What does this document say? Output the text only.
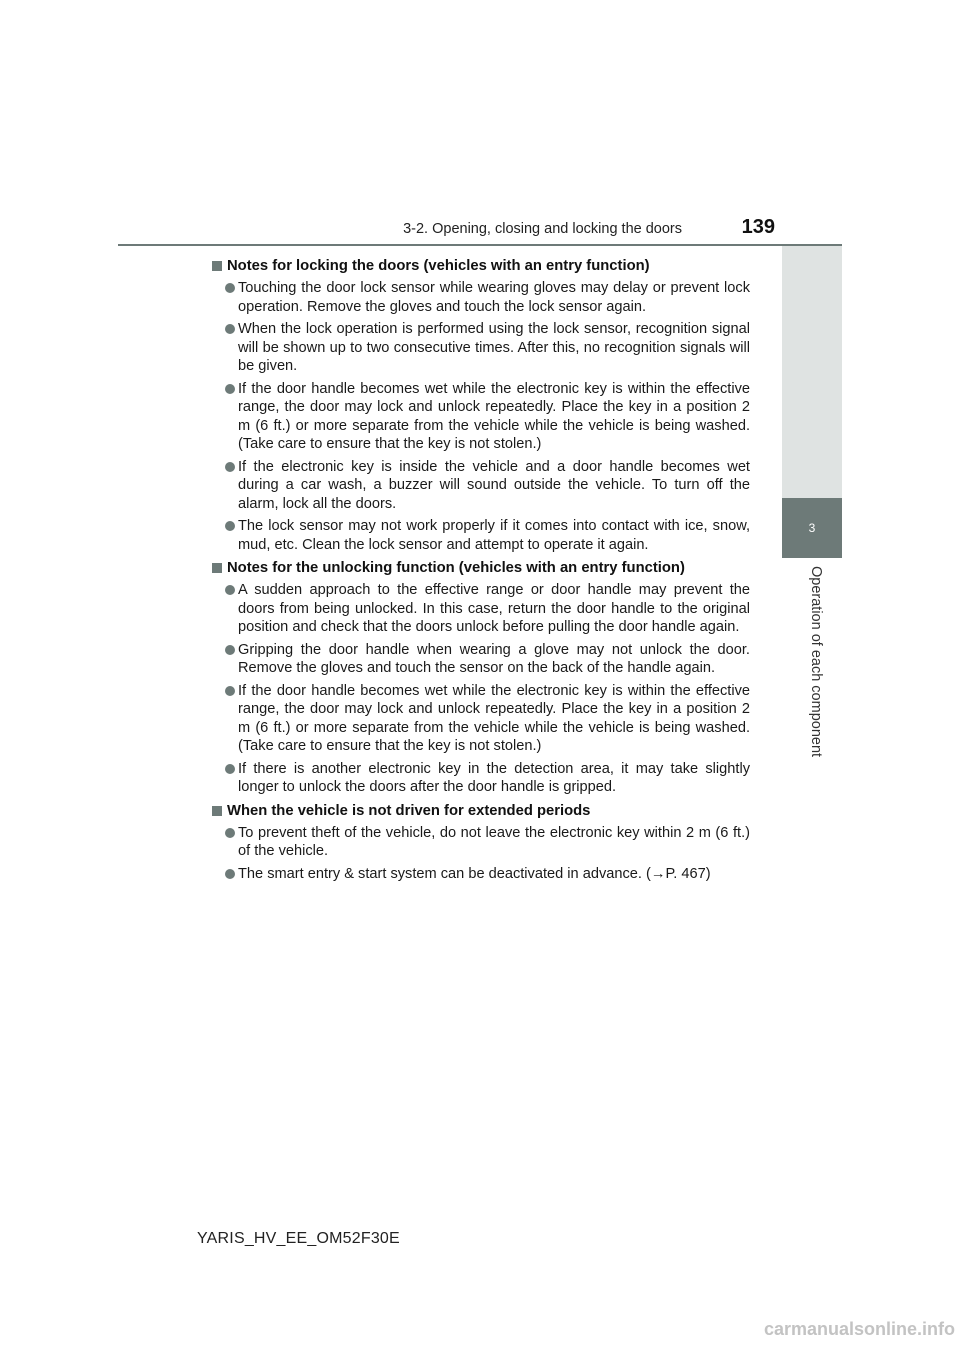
3-2. Opening, closing and locking the doors	139
3
Operation of each component
Notes for locking the doors (vehicles with an entry function)
Touching the door lock sensor while wearing gloves may delay or prevent lock operation. Remove the gloves and touch the lock sensor again.
When the lock operation is performed using the lock sensor, recognition signal will be shown up to two consecutive times. After this, no recognition signals will be given.
If the door handle becomes wet while the electronic key is within the effective range, the door may lock and unlock repeatedly. Place the key in a position 2 m (6 ft.) or more separate from the vehicle while the vehicle is being washed. (Take care to ensure that the key is not stolen.)
If the electronic key is inside the vehicle and a door handle becomes wet during a car wash, a buzzer will sound outside the vehicle. To turn off the alarm, lock all the doors.
The lock sensor may not work properly if it comes into contact with ice, snow, mud, etc. Clean the lock sensor and attempt to operate it again.
Notes for the unlocking function (vehicles with an entry function)
A sudden approach to the effective range or door handle may prevent the doors from being unlocked. In this case, return the door handle to the original position and check that the doors unlock before pulling the door handle again.
Gripping the door handle when wearing a glove may not unlock the door. Remove the gloves and touch the sensor on the back of the handle again.
If the door handle becomes wet while the electronic key is within the effective range, the door may lock and unlock repeatedly. Place the key in a position 2 m (6 ft.) or more separate from the vehicle while the vehicle is being washed. (Take care to ensure that the key is not stolen.)
If there is another electronic key in the detection area, it may take slightly longer to unlock the doors after the door handle is gripped.
When the vehicle is not driven for extended periods
To prevent theft of the vehicle, do not leave the electronic key within 2 m (6 ft.) of the vehicle.
The smart entry & start system can be deactivated in advance. (→P. 467)
YARIS_HV_EE_OM52F30E
carmanualsonline.info
